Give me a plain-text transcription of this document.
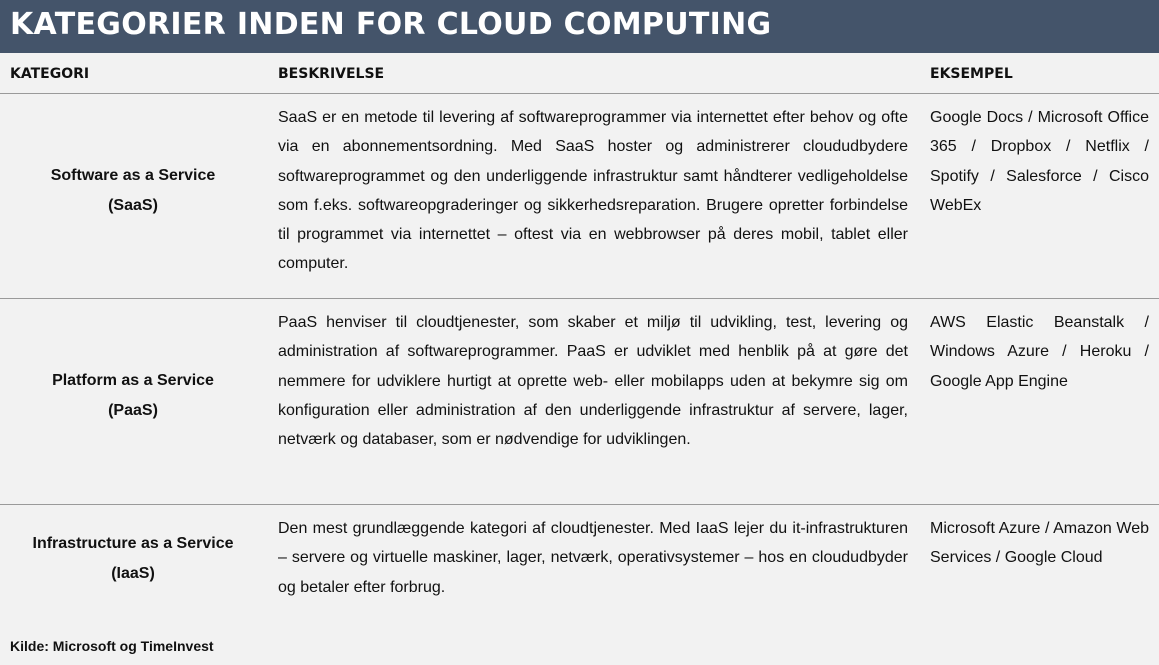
KATEGORIER INDEN FOR CLOUD COMPUTING
KATEGORI	BESKRIVELSE	EKSEMPEL
Software as a Service
(SaaS)
SaaS er en metode til levering af softwareprogrammer via internettet efter behov og ofte via en abonnementsordning. Med SaaS hoster og administrerer cloududbydere softwareprogrammet og den underliggende infrastruktur samt håndterer vedligeholdelse som f.eks. softwareopgraderinger og sikkerhedsreparation. Brugere opretter forbindelse til programmet via internettet – oftest via en webbrowser på deres mobil, tablet eller computer.
Google Docs / Microsoft Office 365 / Dropbox / Netflix / Spotify / Salesforce / Cisco WebEx
Platform as a Service
(PaaS)
PaaS henviser til cloudtjenester, som skaber et miljø til udvikling, test, levering og administration af softwareprogrammer. PaaS er udviklet med henblik på at gøre det nemmere for udviklere hurtigt at oprette web- eller mobilapps uden at bekymre sig om konfiguration eller administration af den underliggende infrastruktur af servere, lager, netværk og databaser, som er nødvendige for udviklingen.
AWS Elastic Beanstalk / Windows Azure / Heroku / Google App Engine
Infrastructure as a Service
(IaaS)
Den mest grundlæggende kategori af cloudtjenester. Med IaaS lejer du it-infrastrukturen – servere og virtuelle maskiner, lager, netværk, operativsystemer – hos en cloududbyder og betaler efter forbrug.
Microsoft Azure / Amazon Web Services / Google Cloud
Kilde: Microsoft og TimeInvest
